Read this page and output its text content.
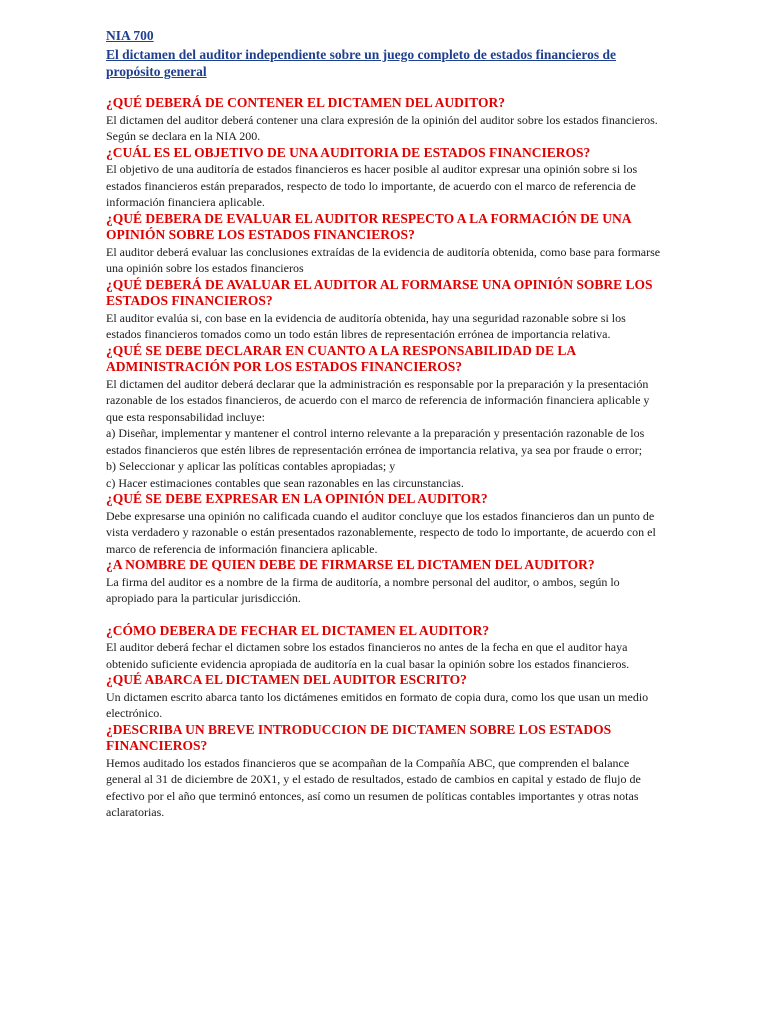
NIA 700

El dictamen del auditor independiente sobre un juego completo de estados financieros de propósito general

¿QUÉ DEBERÁ DE CONTENER EL DICTAMEN DEL AUDITOR?

El dictamen del auditor deberá contener una clara expresión de la opinión del auditor sobre los estados financieros. Según se declara en la NIA 200.

¿CUÁL ES EL OBJETIVO DE UNA AUDITORIA DE ESTADOS FINANCIEROS?

El objetivo de una auditoría de estados financieros es hacer posible al auditor expresar una opinión sobre si los estados financieros están preparados, respecto de todo lo importante, de acuerdo con el marco de referencia de información financiera aplicable.

¿QUÉ DEBERA DE EVALUAR EL AUDITOR RESPECTO A LA FORMACIÓN DE UNA OPINIÓN SOBRE LOS ESTADOS FINANCIEROS?

El auditor deberá evaluar las conclusiones extraídas de la evidencia de auditoría obtenida, como base para formarse una opinión sobre los estados financieros

¿QUÉ DEBERÁ DE AVALUAR EL AUDITOR AL FORMARSE UNA OPINIÓN SOBRE LOS ESTADOS FINANCIEROS?

El auditor evalúa si, con base en la evidencia de auditoría obtenida, hay una seguridad razonable sobre si los estados financieros tomados como un todo están libres de representación errónea de importancia relativa.

¿QUÉ SE DEBE DECLARAR EN CUANTO A LA RESPONSABILIDAD DE LA ADMINISTRACIÓN POR LOS ESTADOS FINANCIEROS?

El dictamen del auditor deberá declarar que la administración es responsable por la preparación y la presentación razonable de los estados financieros, de acuerdo con el marco de referencia de información financiera aplicable y que esta responsabilidad incluye:

a) Diseñar, implementar y mantener el control interno relevante a la preparación y presentación razonable de los estados financieros que estén libres de representación errónea de importancia relativa, ya sea por fraude o error;

b) Seleccionar y aplicar las políticas contables apropiadas; y

c) Hacer estimaciones contables que sean razonables en las circunstancias.

¿QUÉ SE DEBE EXPRESAR EN LA OPINIÓN DEL AUDITOR?

Debe expresarse una opinión no calificada cuando el auditor concluye que los estados financieros dan un punto de vista verdadero y razonable o están presentados razonablemente, respecto de todo lo importante, de acuerdo con el marco de referencia de información financiera aplicable.

¿A NOMBRE DE QUIEN DEBE DE FIRMARSE EL DICTAMEN DEL AUDITOR?

La firma del auditor es a nombre de la firma de auditoría, a nombre personal del auditor, o ambos, según lo apropiado para la particular jurisdicción.

¿CÓMO DEBERA DE FECHAR EL DICTAMEN EL AUDITOR?

El auditor deberá fechar el dictamen sobre los estados financieros no antes de la fecha en que el auditor haya obtenido suficiente evidencia apropiada de auditoría en la cual basar la opinión sobre los estados financieros.

¿QUÉ ABARCA EL DICTAMEN DEL AUDITOR ESCRITO?

Un dictamen escrito abarca tanto los dictámenes emitidos en formato de copia dura, como los que usan un medio electrónico.

¿DESCRIBA UN BREVE INTRODUCCION DE DICTAMEN SOBRE LOS ESTADOS FINANCIEROS?

Hemos auditado los estados financieros que se acompañan de la Compañía ABC, que comprenden el balance general al 31 de diciembre de 20X1, y el estado de resultados, estado de cambios en capital y estado de flujo de efectivo por el año que terminó entonces, así como un resumen de políticas contables importantes y otras notas aclaratorias.
